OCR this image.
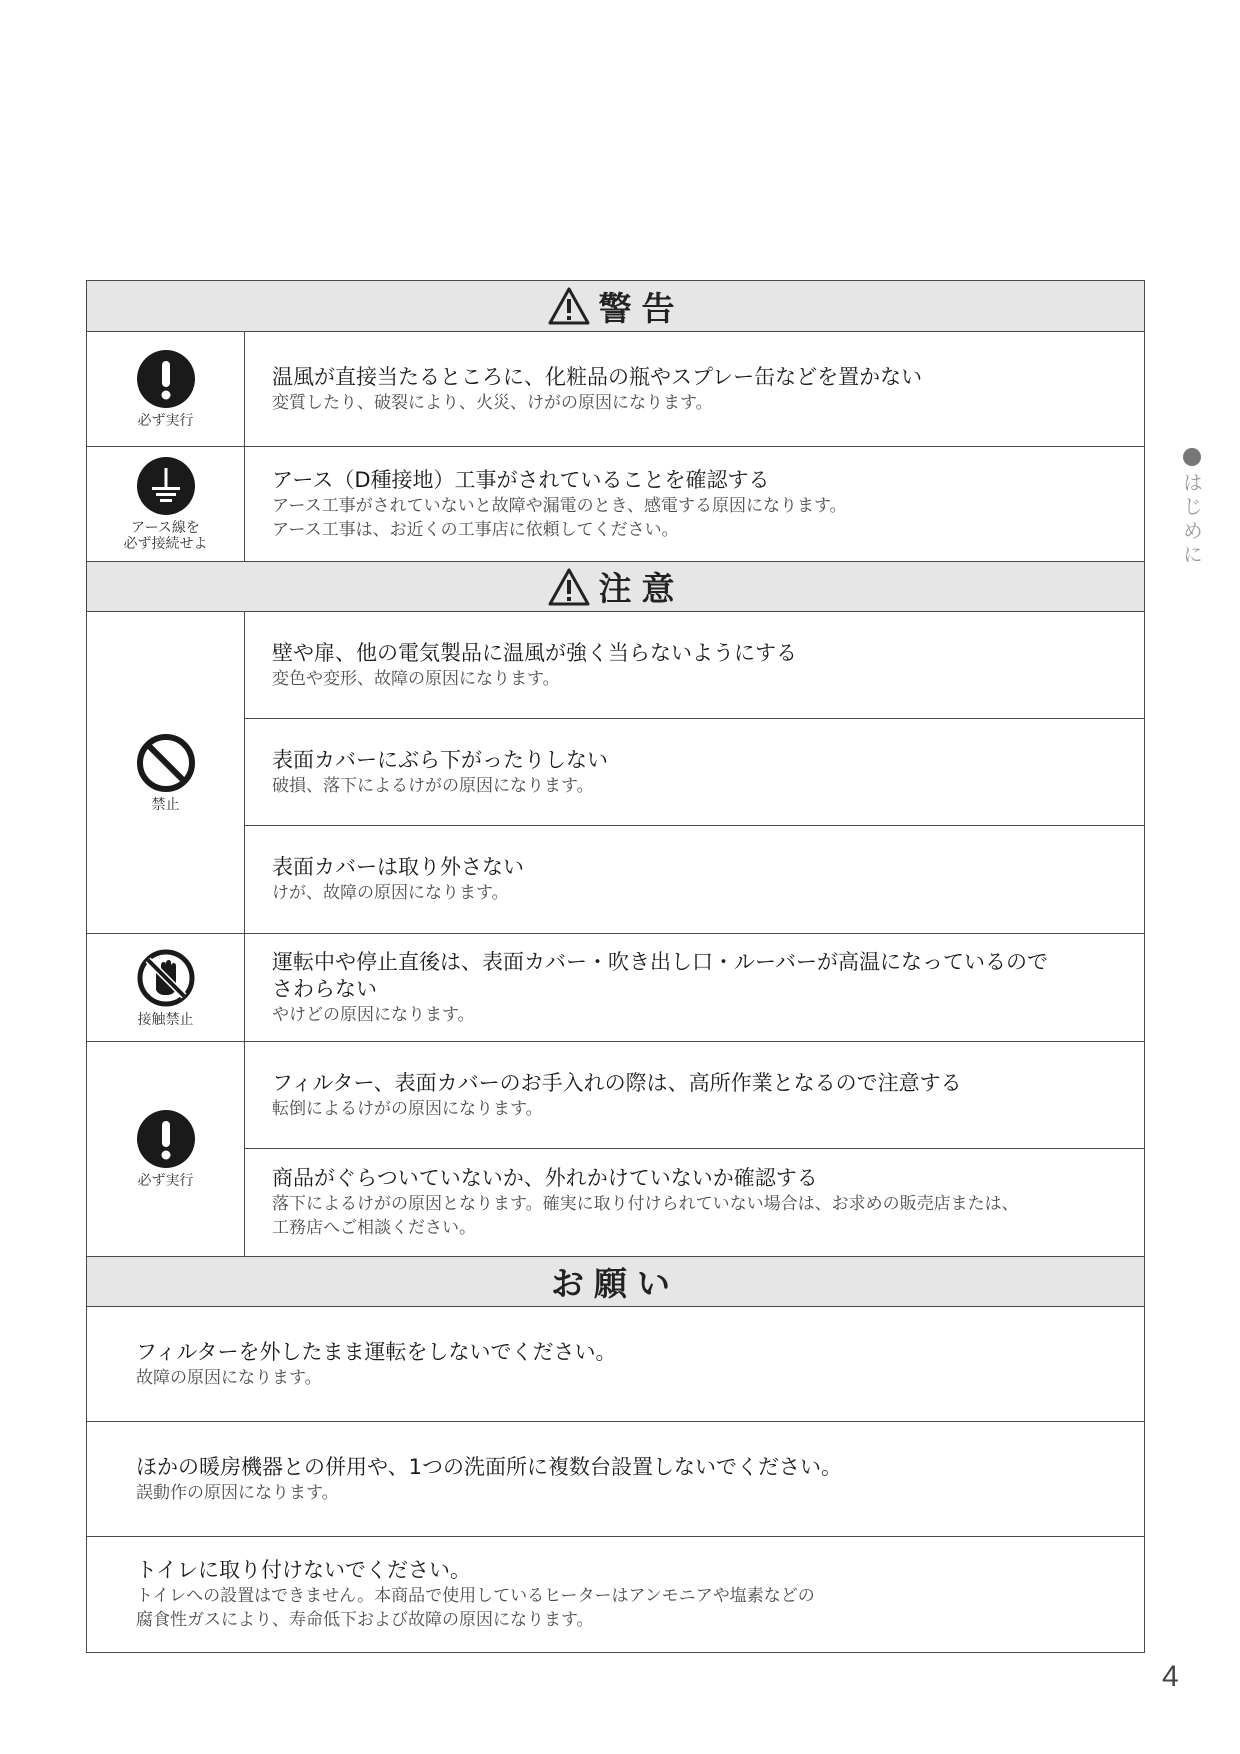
警告
必ず実行
温風が直接当たるところに、化粧品の瓶やスプレー缶などを置かない
変質したり、破裂により、火災、けがの原因になります。
アース線を
必ず接続せよ
アース（D種接地）工事がされていることを確認する
アース工事がされていないと故障や漏電のとき、感電する原因になります。
アース工事は、お近くの工事店に依頼してください。
注意
禁止
壁や扉、他の電気製品に温風が強く当らないようにする
変色や変形、故障の原因になります。
表面カバーにぶら下がったりしない
破損、落下によるけがの原因になります。
表面カバーは取り外さない
けが、故障の原因になります。
接触禁止
運転中や停止直後は、表面カバー・吹き出し口・ルーバーが高温になっているので
さわらない
やけどの原因になります。
必ず実行
フィルター、表面カバーのお手入れの際は、高所作業となるので注意する
転倒によるけがの原因になります。
商品がぐらついていないか、外れかけていないか確認する
落下によるけがの原因となります。確実に取り付けられていない場合は、お求めの販売店または、
工務店へご相談ください。
お願い
フィルターを外したまま運転をしないでください。
故障の原因になります。
ほかの暖房機器との併用や、1つの洗面所に複数台設置しないでください。
誤動作の原因になります。
トイレに取り付けないでください。
トイレへの設置はできません。本商品で使用しているヒーターはアンモニアや塩素などの
腐食性ガスにより、寿命低下および故障の原因になります。
はじめに
4
